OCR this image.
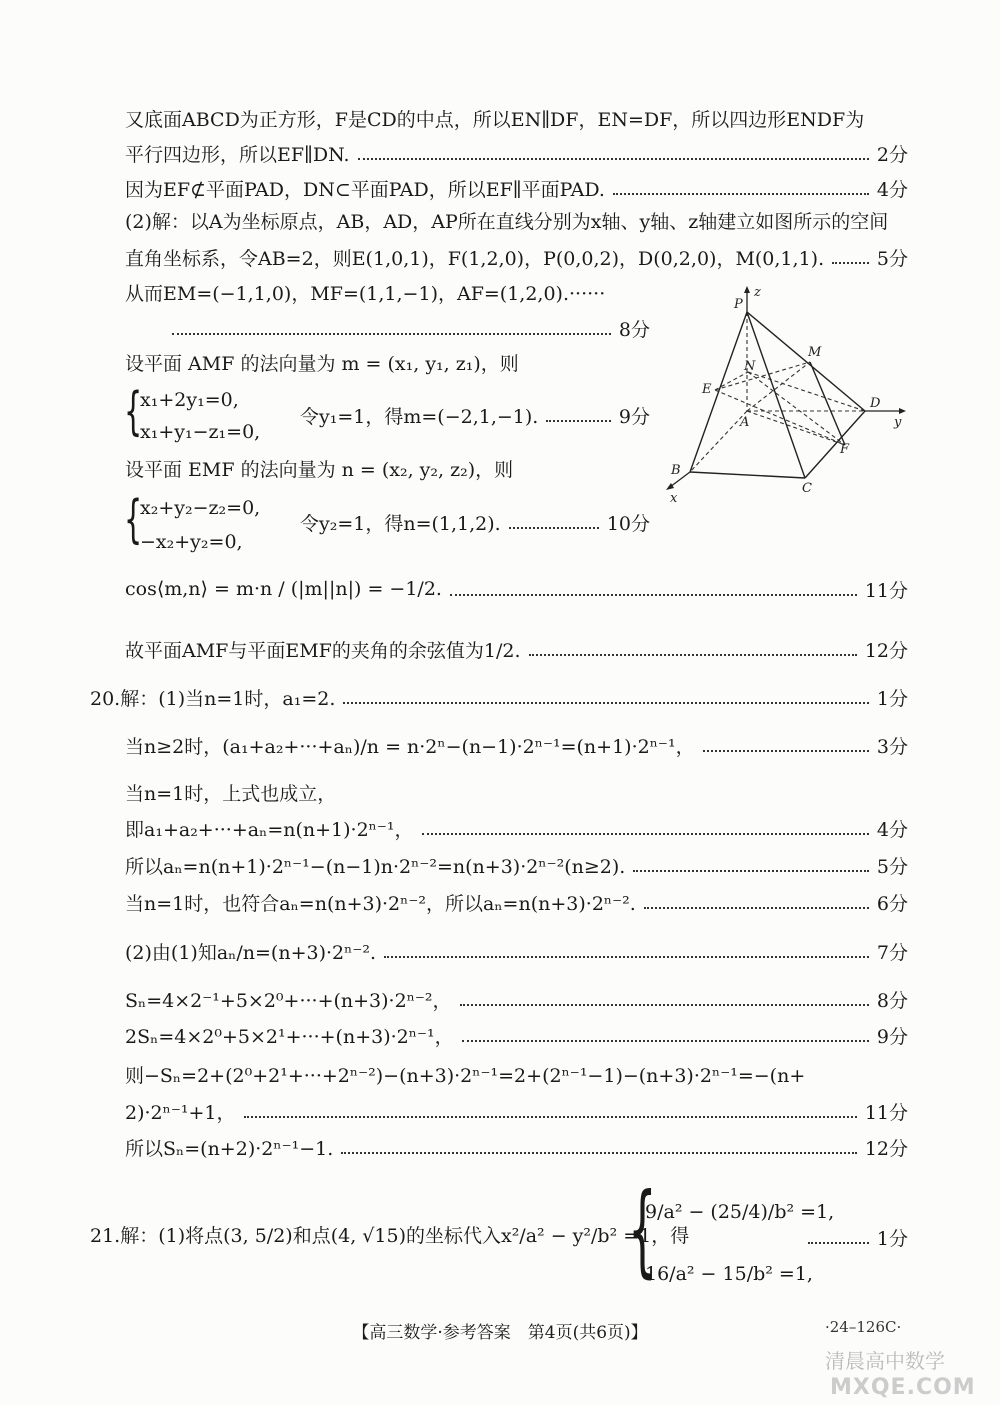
又底面ABCD为正方形，F是CD的中点，所以EN∥DF，EN=DF，所以四边形ENDF为
平行四边形，所以EF∥DN.	2分
因为EF⊄平面PAD，DN⊂平面PAD，所以EF∥平面PAD.	4分
(2)解：以A为坐标原点，AB，AD，AP所在直线分别为x轴、y轴、z轴建立如图所示的空间
直角坐标系，令AB=2，则E(1,0,1)，F(1,2,0)，P(0,0,2)，D(0,2,0)，M(0,1,1).	5分
从而EM=(−1,1,0)，MF=(1,1,−1)，AF=(1,2,0).······
8分
设平面 AMF 的法向量为 m = (x₁, y₁, z₁)，则
{
x₁+2y₁=0,
x₁+y₁−z₁=0,
令y₁=1，得m=(−2,1,−1).	9分
设平面 EMF 的法向量为 n = (x₂, y₂, z₂)，则
{
x₂+y₂−z₂=0,
−x₂+y₂=0,
令y₂=1，得n=(1,1,2).	10分
cos⟨m,n⟩ = m·n / (|m||n|) = −1/2.	11分
故平面AMF与平面EMF的夹角的余弦值为1/2.	12分
P
z
M
N
E
D
y
A
F
B
C
x
20.解：(1)当n=1时，a₁=2.	1分
当n≥2时，(a₁+a₂+···+aₙ)/n = n·2ⁿ−(n−1)·2ⁿ⁻¹=(n+1)·2ⁿ⁻¹，	3分
当n=1时，上式也成立，
即a₁+a₂+···+aₙ=n(n+1)·2ⁿ⁻¹，	4分
所以aₙ=n(n+1)·2ⁿ⁻¹−(n−1)n·2ⁿ⁻²=n(n+3)·2ⁿ⁻²(n≥2).	5分
当n=1时，也符合aₙ=n(n+3)·2ⁿ⁻²，所以aₙ=n(n+3)·2ⁿ⁻².	6分
(2)由(1)知aₙ/n=(n+3)·2ⁿ⁻².	7分
Sₙ=4×2⁻¹+5×2⁰+···+(n+3)·2ⁿ⁻²，	8分
2Sₙ=4×2⁰+5×2¹+···+(n+3)·2ⁿ⁻¹，	9分
则−Sₙ=2+(2⁰+2¹+···+2ⁿ⁻²)−(n+3)·2ⁿ⁻¹=2+(2ⁿ⁻¹−1)−(n+3)·2ⁿ⁻¹=−(n+
2)·2ⁿ⁻¹+1，	11分
所以Sₙ=(n+2)·2ⁿ⁻¹−1.	12分
21.解：(1)将点(3, 5/2)和点(4, √15)的坐标代入x²/a² − y²/b² =1，得
{
9/a² − (25/4)/b² =1,
16/a² − 15/b² =1,
1分
【高三数学·参考答案　第4页(共6页)】	·24–126C·
清晨高中数学
MXQE.COM
